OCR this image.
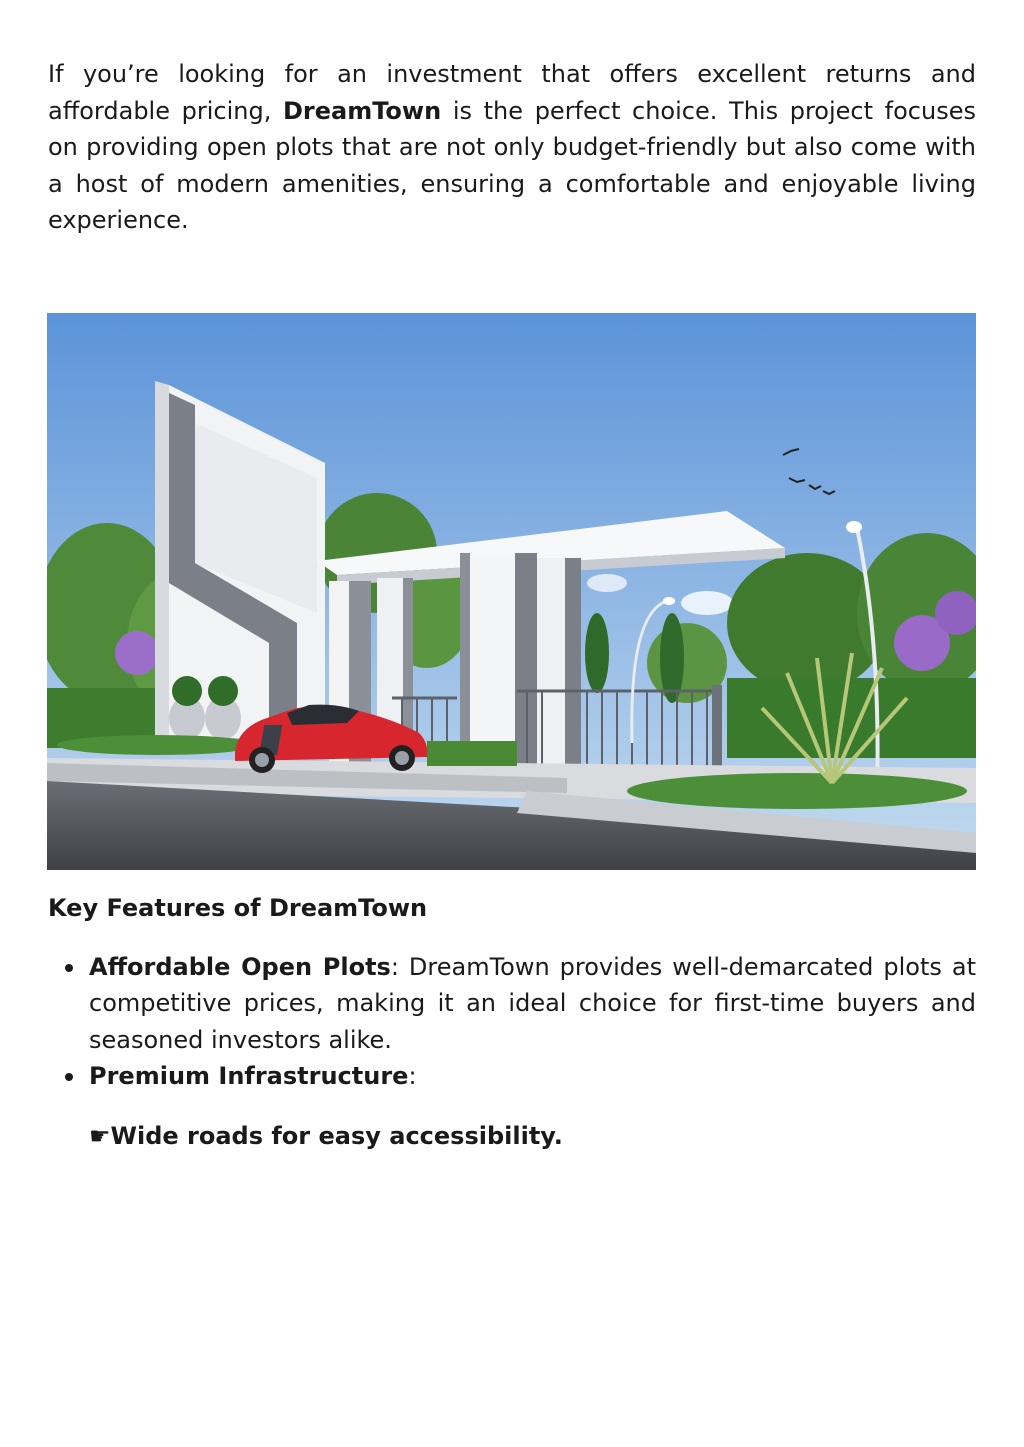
If you’re looking for an investment that offers excellent returns and affordable pricing, DreamTown is the perfect choice. This project focuses on providing open plots that are not only budget-friendly but also come with a host of modern amenities, ensuring a comfortable and enjoyable living experience.

Key Features of DreamTown
Affordable Open Plots: DreamTown provides well-demarcated plots at competitive prices, making it an ideal choice for first-time buyers and seasoned investors alike.
Premium Infrastructure:

☛Wide roads for easy accessibility.
